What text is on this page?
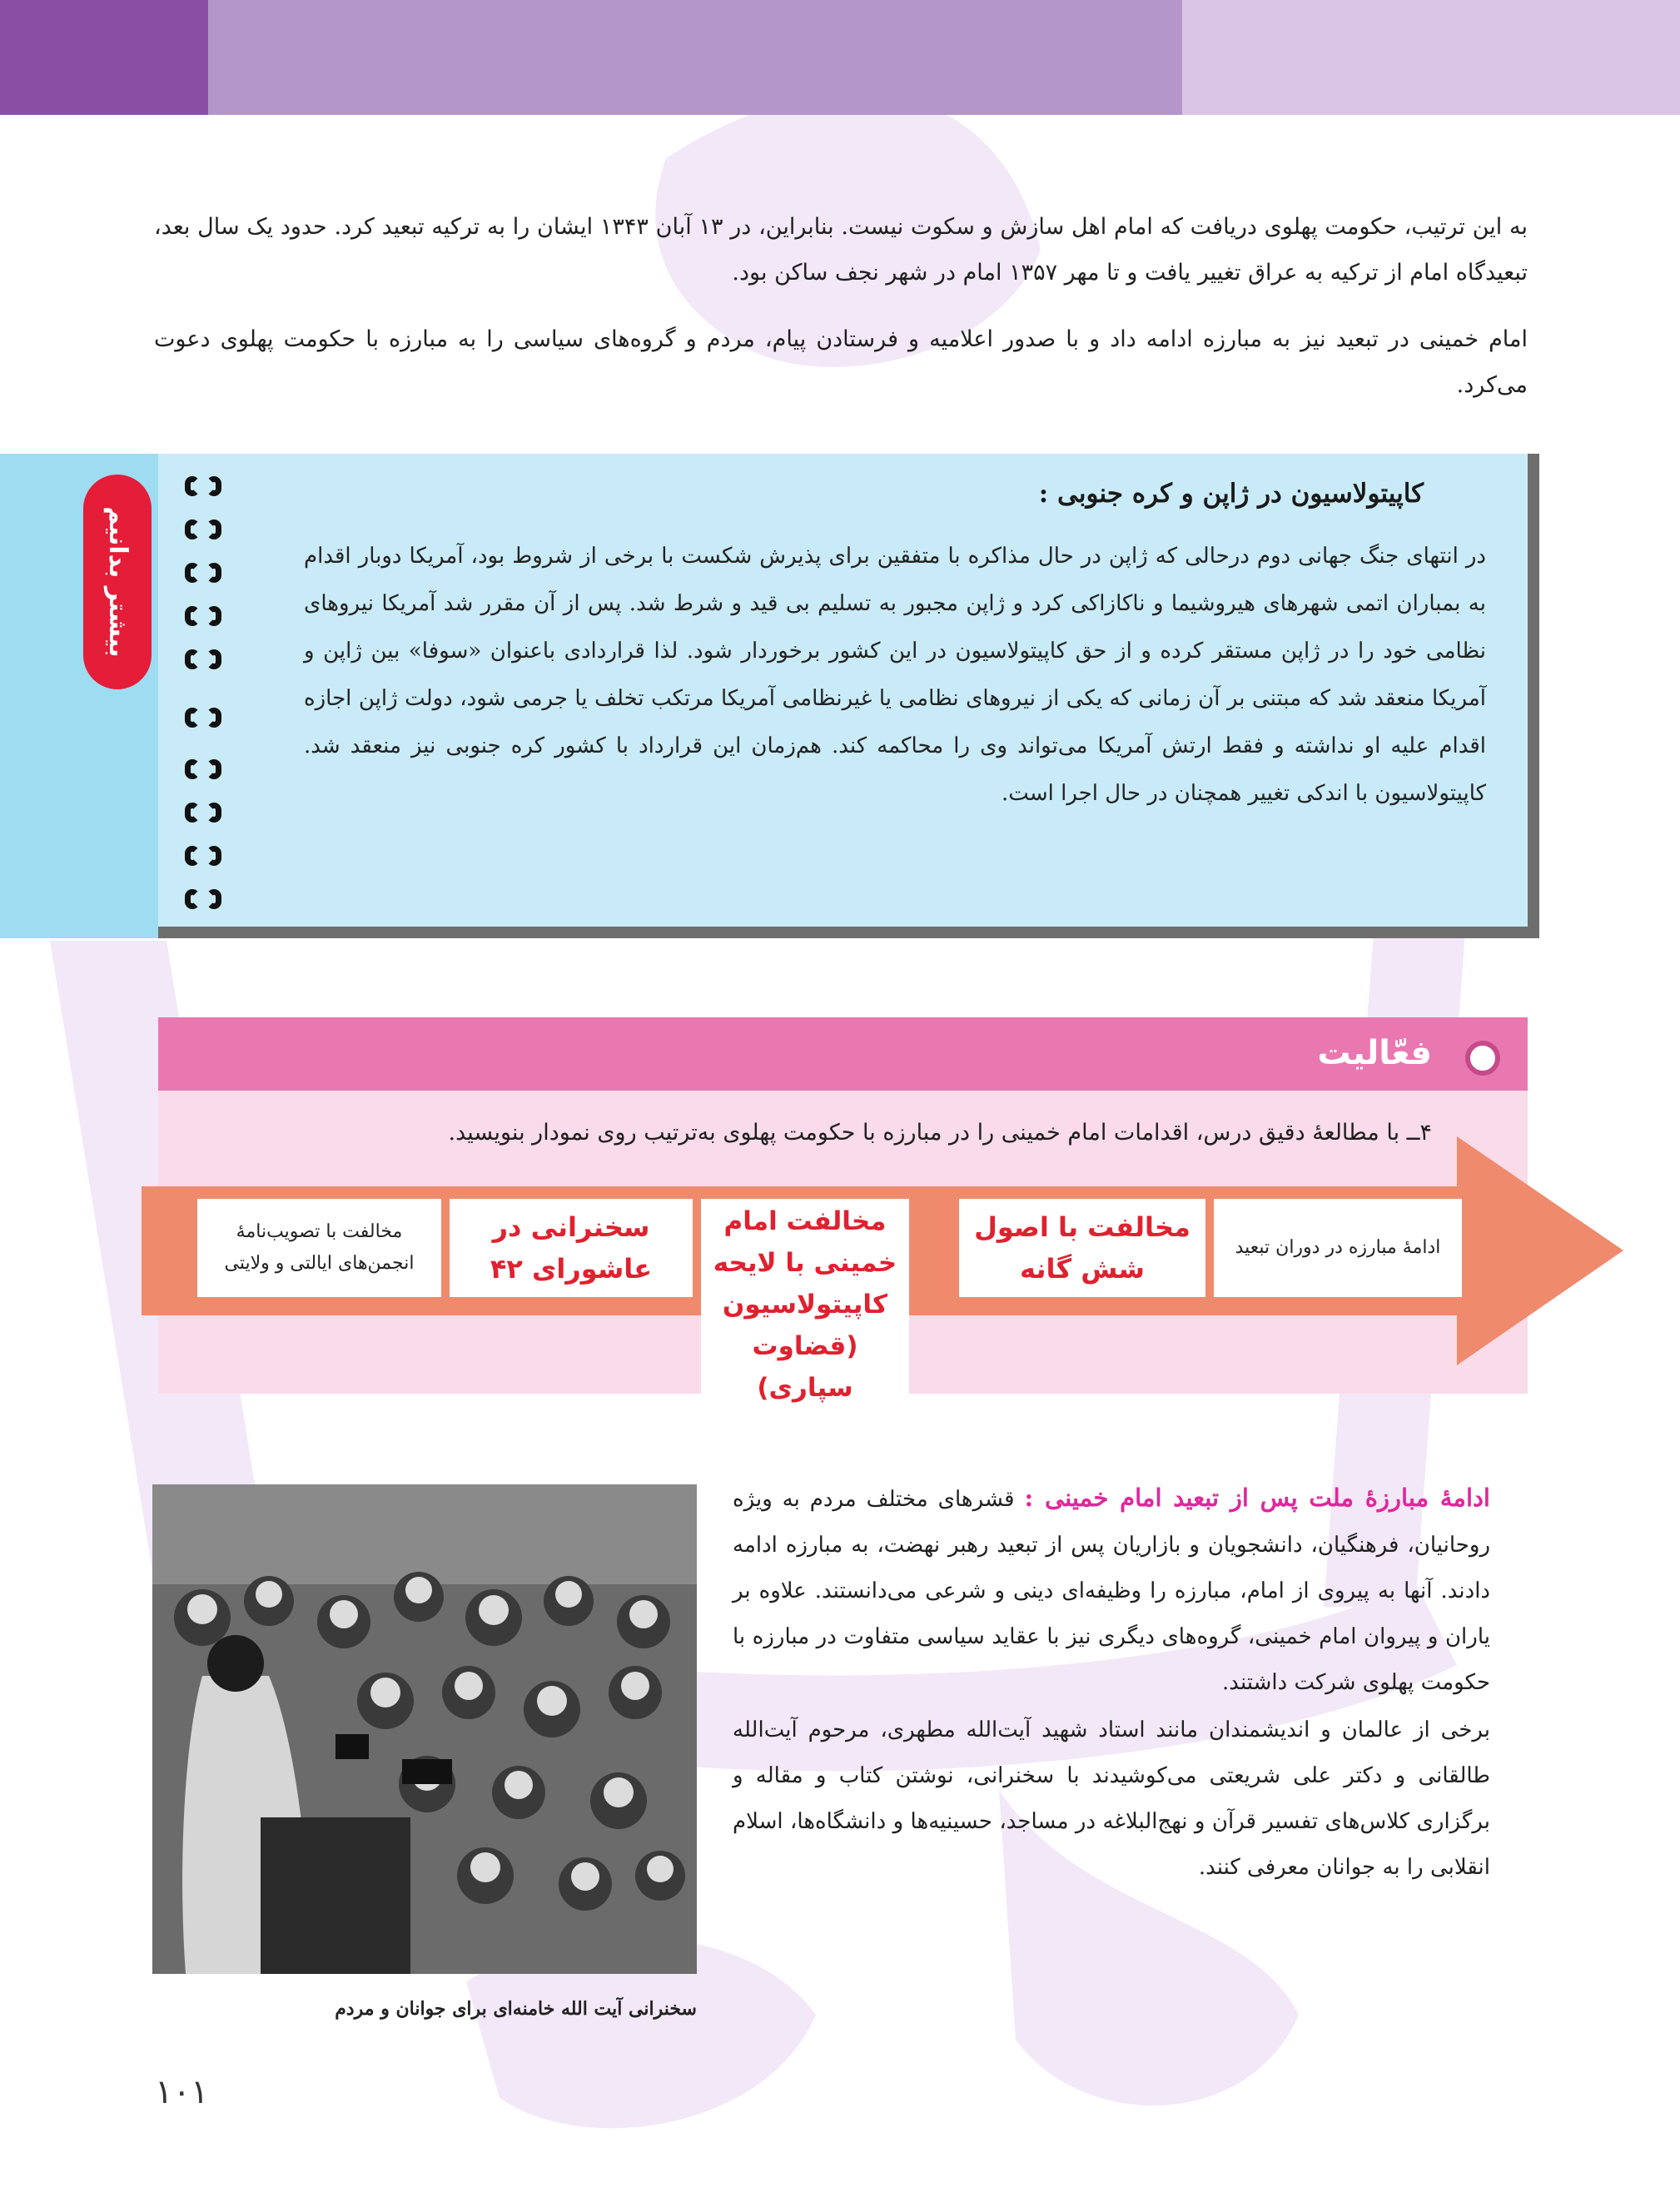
به این ترتیب، حکومت پهلوی دریافت که امام اهل سازش و سکوت نیست. بنابراین، در ۱۳ آبان ۱۳۴۳ ایشان را به ترکیه تبعید کرد. حدود یک سال بعد، تبعیدگاه امام از ترکیه به عراق تغییر یافت و تا مهر ۱۳۵۷ امام در شهر نجف ساکن بود.
امام خمینی در تبعید نیز به مبارزه ادامه داد و با صدور اعلامیه و فرستادن پیام، مردم و گروه‌های سیاسی را به مبارزه با حکومت پهلوی دعوت می‌کرد.
بیشتر بدانیم
کاپیتولاسیون در ژاپن و کره جنوبی :
در انتهای جنگ جهانی دوم درحالی که ژاپن در حال مذاکره با متفقین برای پذیرش شکست با برخی از شروط بود، آمریکا دوبار اقدام به بمباران اتمی شهرهای هیروشیما و ناکازاکی کرد و ژاپن مجبور به تسلیم بی قید و شرط شد. پس از آن مقرر شد آمریکا نیروهای نظامی خود را در ژاپن مستقر کرده و از حق کاپیتولاسیون در این کشور برخوردار شود. لذا قراردادی باعنوان «سوفا» بین ژاپن و آمریکا منعقد شد که مبتنی بر آن زمانی که یکی از نیروهای نظامی یا غیرنظامی آمریکا مرتکب تخلف یا جرمی شود، دولت ژاپن اجازه اقدام علیه او نداشته و فقط ارتش آمریکا می‌تواند وی را محاکمه کند. هم‌زمان این قرارداد با کشور کره جنوبی نیز منعقد شد. کاپیتولاسیون با اندکی تغییر همچنان در حال اجرا است.
فعّالیت
۴ــ با مطالعهٔ دقیق درس، اقدامات امام خمینی را در مبارزه با حکومت پهلوی به‌ترتیب روی نمودار بنویسید.
ادامهٔ مبارزه در دوران تبعید
مخالفت با اصول شش گانه
مخالفت امام خمینی با لایحه کاپیتولاسیون (قضاوت سپاری)
سخنرانی در عاشورای ۴۲
مخالفت با تصویب‌نامهٔ انجمن‌های ایالتی و ولایتی
سخنرانی آیت الله خامنه‌ای برای جوانان و مردم

ادامهٔ مبارزهٔ ملت پس از تبعید امام خمینی : قشرهای مختلف مردم به ویژه روحانیان، فرهنگیان، دانشجویان و بازاریان پس از تبعید رهبر نهضت، به مبارزه ادامه دادند. آنها به پیروی از امام، مبارزه را وظیفه‌ای دینی و شرعی می‌دانستند. علاوه بر یاران و پیروان امام خمینی، گروه‌های دیگری نیز با عقاید سیاسی متفاوت در مبارزه با حکومت پهلوی شرکت داشتند.

برخی از عالمان و اندیشمندان مانند استاد شهید آیت‌الله مطهری، مرحوم آیت‌الله طالقانی و دکتر علی شریعتی می‌کوشیدند با سخنرانی، نوشتن کتاب و مقاله و برگزاری کلاس‌های تفسیر قرآن و نهج‌البلاغه در مساجد، حسینیه‌ها و دانشگاه‌ها، اسلام انقلابی را به جوانان معرفی کنند.

۱۰۱
